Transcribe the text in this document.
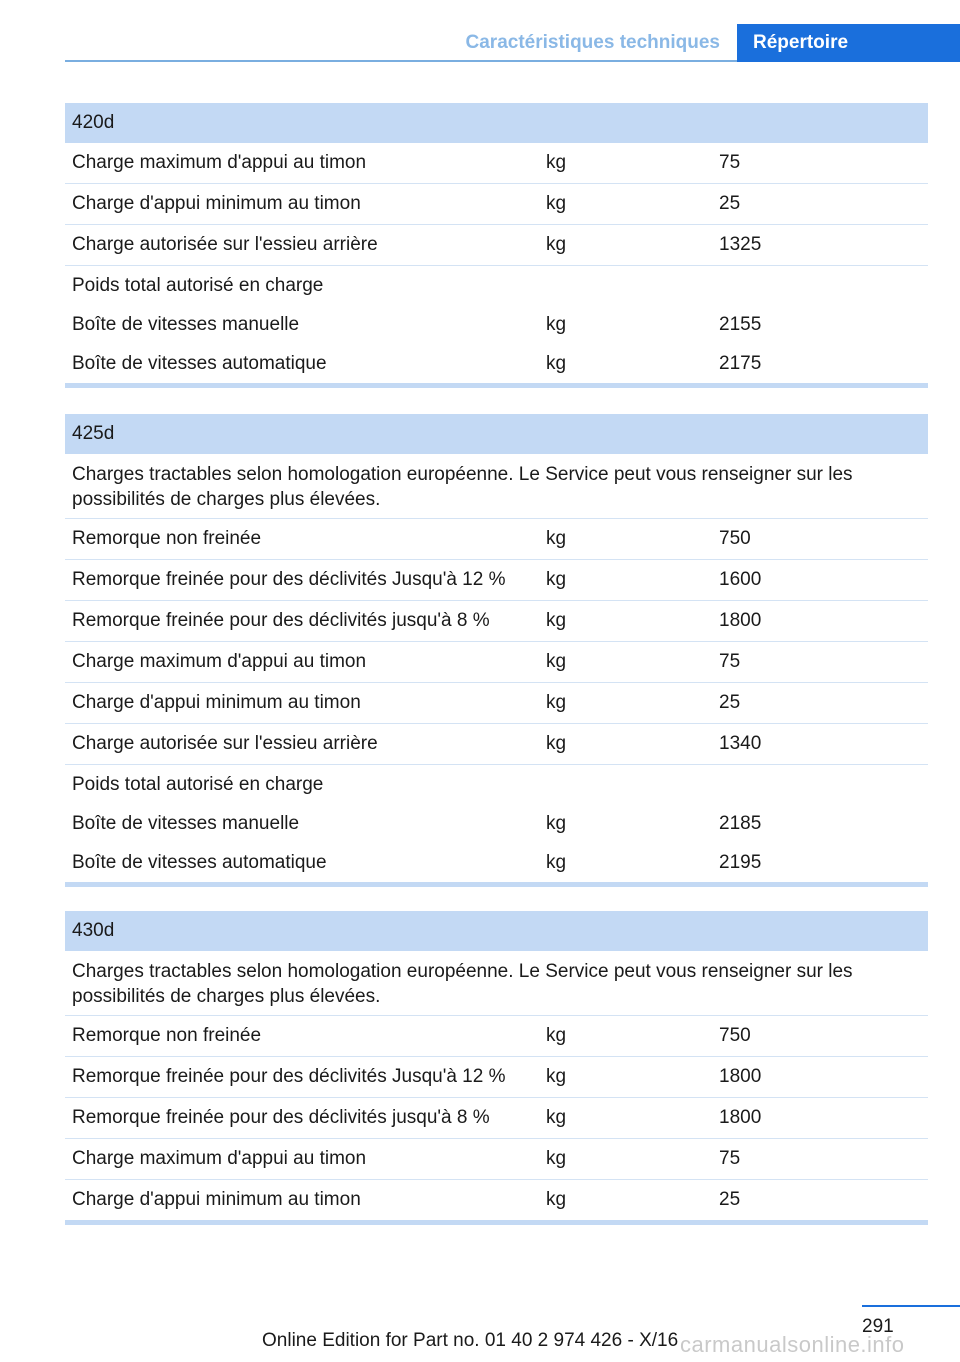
Caractéristiques techniques	Répertoire
420d
Charge maximum d'appui au timon	kg	75
Charge d'appui minimum au timon	kg	25
Charge autorisée sur l'essieu arrière	kg	1325
Poids total autorisé en charge
Boîte de vitesses manuelle	kg	2155
Boîte de vitesses automatique	kg	2175
425d
Charges tractables selon homologation européenne. Le Service peut vous renseigner sur les possibilités de charges plus élevées.
Remorque non freinée	kg	750
Remorque freinée pour des déclivités Jusqu'à 12 %	kg	1600
Remorque freinée pour des déclivités jusqu'à 8 %	kg	1800
Charge maximum d'appui au timon	kg	75
Charge d'appui minimum au timon	kg	25
Charge autorisée sur l'essieu arrière	kg	1340
Poids total autorisé en charge
Boîte de vitesses manuelle	kg	2185
Boîte de vitesses automatique	kg	2195
430d
Charges tractables selon homologation européenne. Le Service peut vous renseigner sur les possibilités de charges plus élevées.
Remorque non freinée	kg	750
Remorque freinée pour des déclivités Jusqu'à 12 %	kg	1800
Remorque freinée pour des déclivités jusqu'à 8 %	kg	1800
Charge maximum d'appui au timon	kg	75
Charge d'appui minimum au timon	kg	25
291
Online Edition for Part no. 01 40 2 974 426 - X/16 carmanualsonline.info
